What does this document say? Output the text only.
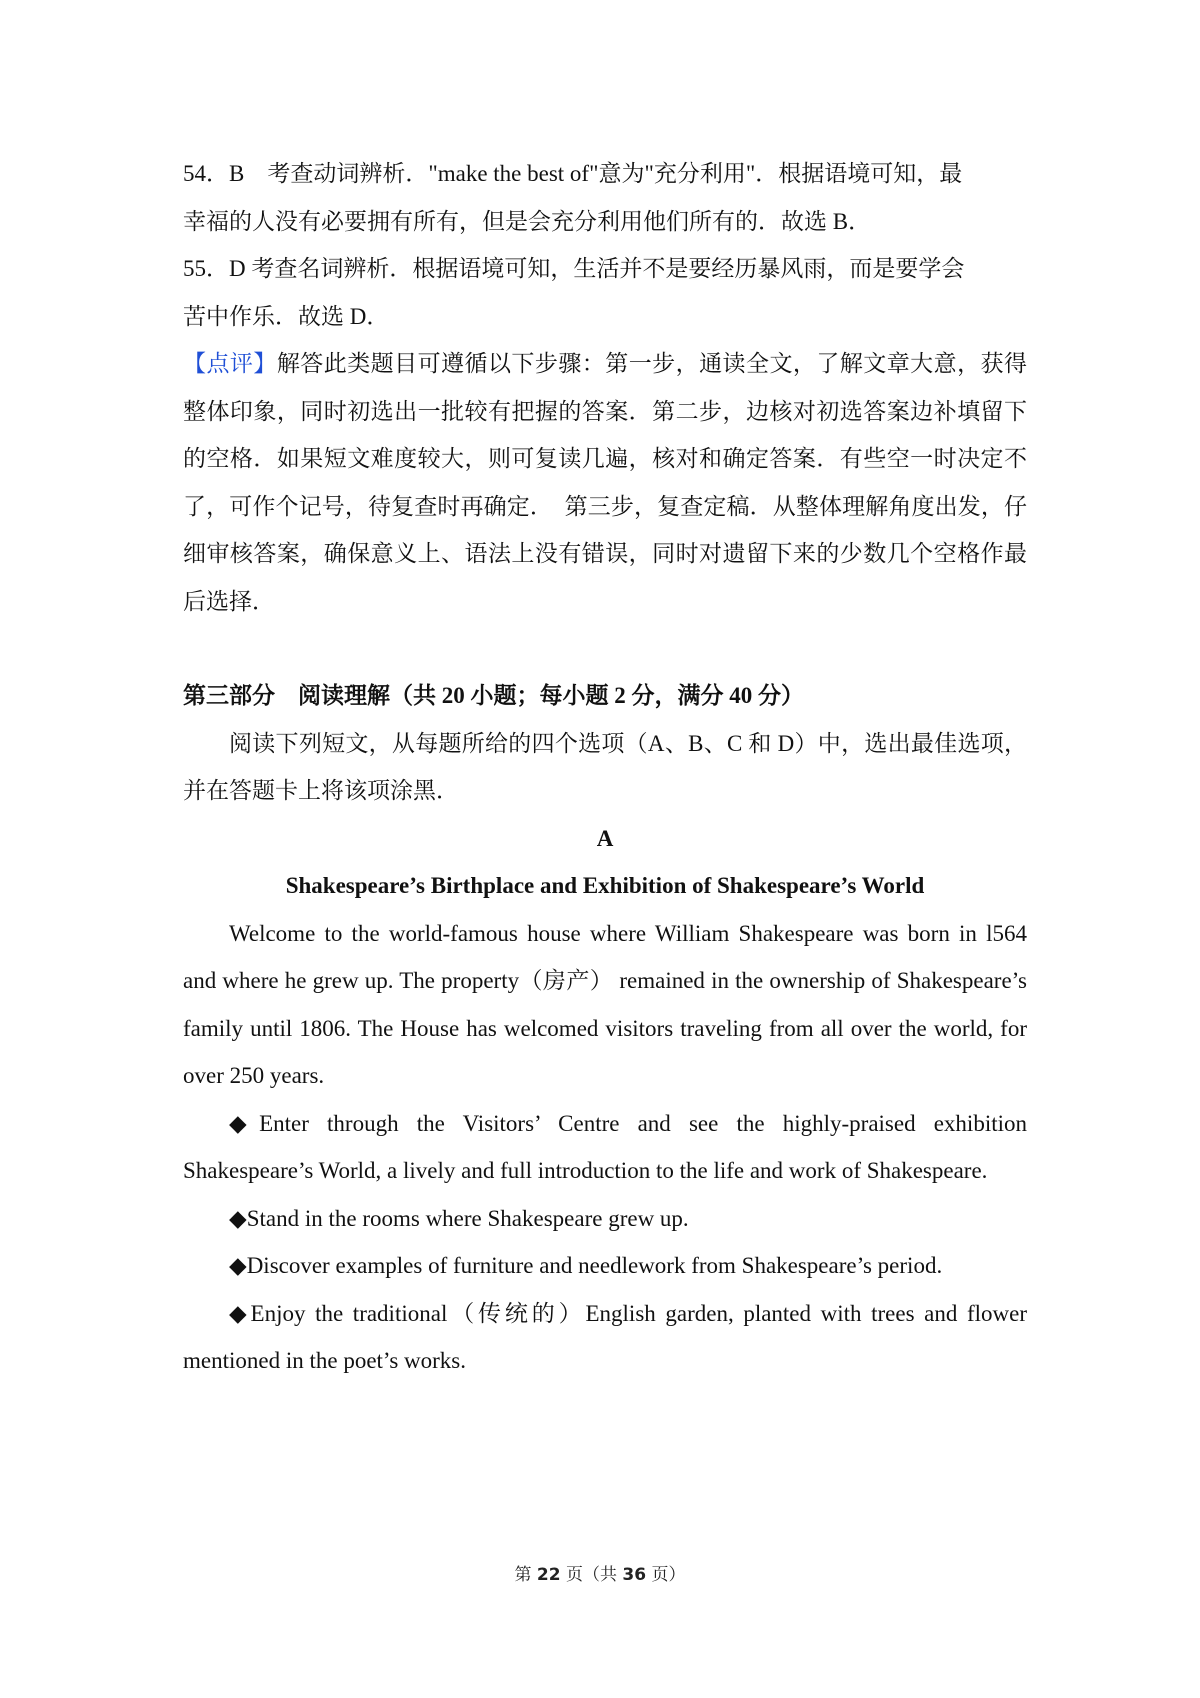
54．B　考查动词辨析．"make the best of"意为"充分利用"．根据语境可知，最
幸福的人没有必要拥有所有，但是会充分利用他们所有的．故选 B．

55．D 考查名词辨析．根据语境可知，生活并不是要经历暴风雨，而是要学会
苦中作乐．故选 D．

【点评】解答此类题目可遵循以下步骤：第一步，通读全文，了解文章大意，获得整体印象，同时初选出一批较有把握的答案．第二步，边核对初选答案边补填留下的空格．如果短文难度较大，则可复读几遍，核对和确定答案．有些空一时决定不了，可作个记号，待复查时再确定．　第三步，复查定稿．从整体理解角度出发，仔细审核答案，确保意义上、语法上没有错误，同时对遗留下来的少数几个空格作最后选择．

第三部分　阅读理解（共 20 小题；每小题 2 分，满分 40 分）

阅读下列短文，从每题所给的四个选项（A、B、C 和 D）中，选出最佳选项，并在答题卡上将该项涂黑．

A

Shakespeare’s Birthplace and Exhibition of Shakespeare’s World

Welcome to the world-famous house where William Shakespeare was born in l564 and where he grew up. The property（房产） remained in the ownership of Shakespeare’s family until 1806. The House has welcomed visitors traveling from all over the world, for over 250 years.

◆Enter through the Visitors’ Centre and see the highly-praised exhibition Shakespeare’s World, a lively and full introduction to the life and work of Shakespeare.

◆Stand in the rooms where Shakespeare grew up.

◆Discover examples of furniture and needlework from Shakespeare’s period.

◆Enjoy the traditional（传统的）English garden, planted with trees and flower mentioned in the poet’s works.

第 22 页（共 36 页）
